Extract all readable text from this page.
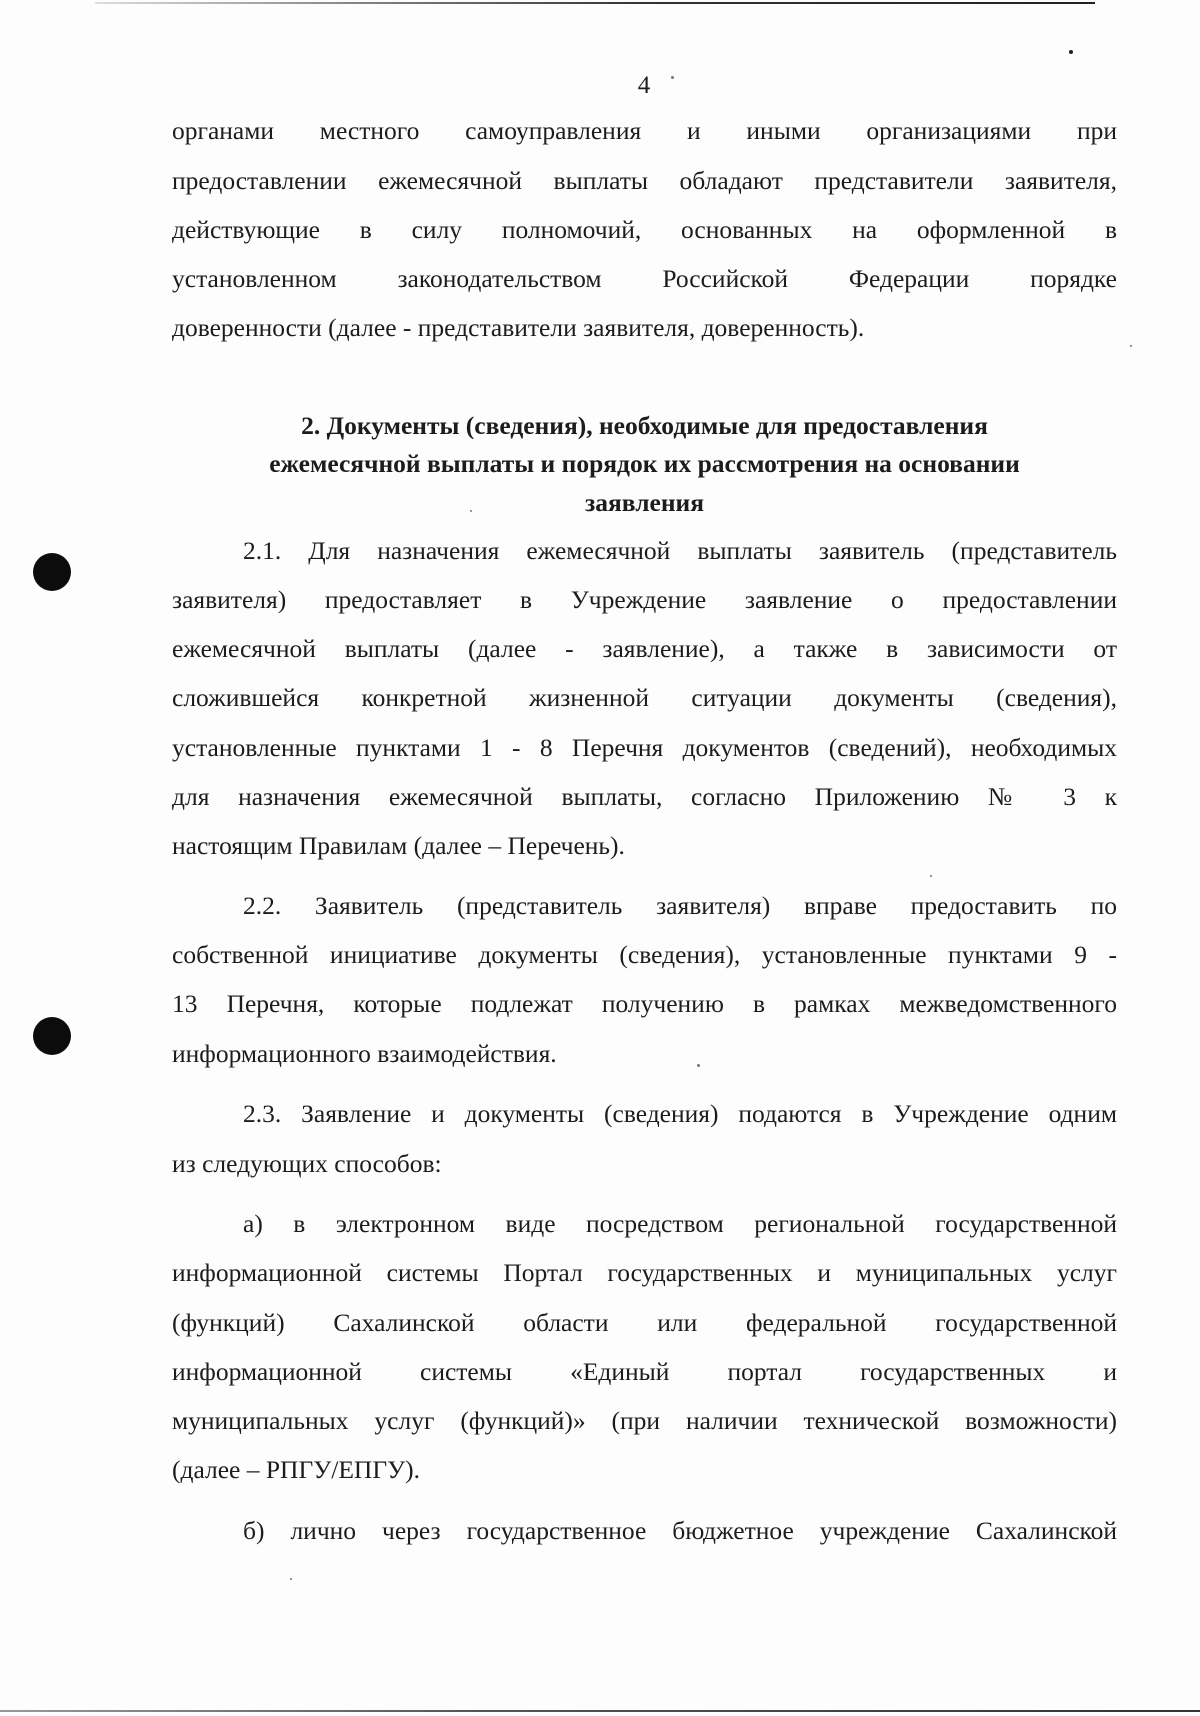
4
органами местного самоуправления и иными организациями при
предоставлении ежемесячной выплаты обладают представители заявителя,
действующие в силу полномочий, основанных на оформленной в
установленном законодательством Российской Федерации порядке
доверенности (далее - представители заявителя, доверенность).
2. Документы (сведения), необходимые для предоставления
ежемесячной выплаты и порядок их рассмотрения на основании
заявления
2.1. Для назначения ежемесячной выплаты заявитель (представитель
заявителя) предоставляет в Учреждение заявление о предоставлении
ежемесячной выплаты (далее - заявление), а также в зависимости от
сложившейся конкретной жизненной ситуации документы (сведения),
установленные пунктами 1 - 8 Перечня документов (сведений), необходимых
для назначения ежемесячной выплаты, согласно Приложению № 3 к
настоящим Правилам (далее – Перечень).
2.2. Заявитель (представитель заявителя) вправе предоставить по
собственной инициативе документы (сведения), установленные пунктами 9 -
13 Перечня, которые подлежат получению в рамках межведомственного
информационного взаимодействия.
2.3. Заявление и документы (сведения) подаются в Учреждение одним
из следующих способов:
а) в электронном виде посредством региональной государственной
информационной системы Портал государственных и муниципальных услуг
(функций) Сахалинской области или федеральной государственной
информационной системы «Единый портал государственных и
муниципальных услуг (функций)» (при наличии технической возможности)
(далее – РПГУ/ЕПГУ).
б) лично через государственное бюджетное учреждение Сахалинской
